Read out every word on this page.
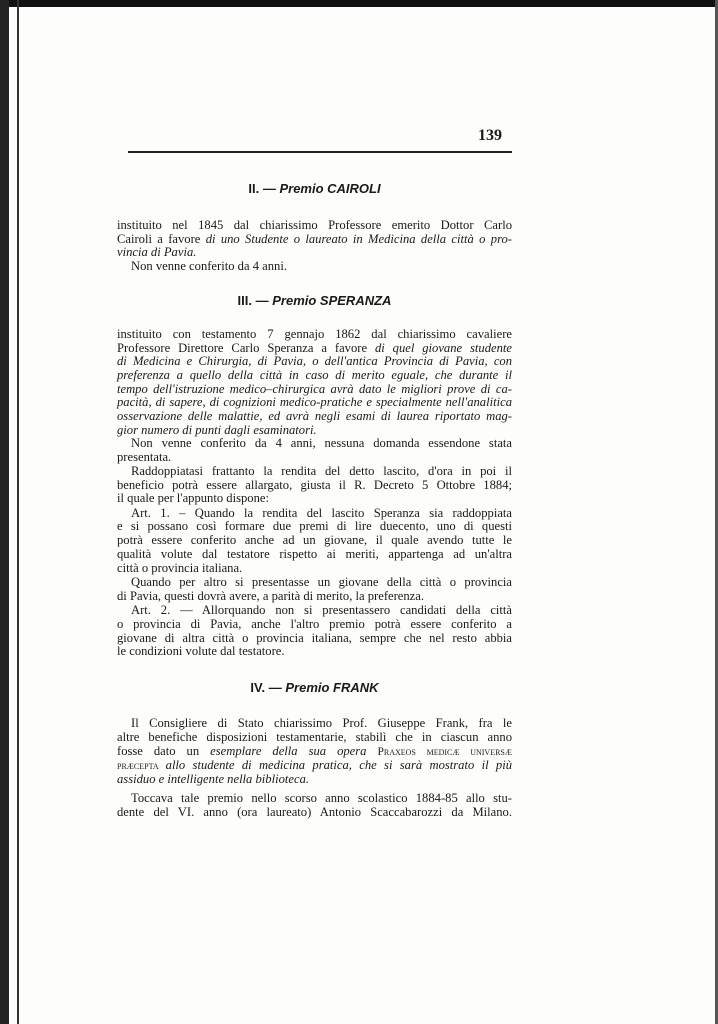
139
II. — Premio CAIROLI
instituito nel 1845 dal chiarissimo Professore emerito Dottor Carlo
Cairoli a favore di uno Studente o laureato in Medicina della città o pro-
vincia di Pavia.
Non venne conferito da 4 anni.
III. — Premio SPERANZA
instituito con testamento 7 gennajo 1862 dal chiarissimo cavaliere
Professore Direttore Carlo Speranza a favore di quel giovane studente
di Medicina e Chirurgia, di Pavia, o dell'antica Provincia di Pavia, con
preferenza a quello della città in caso di merito eguale, che durante il
tempo dell'istruzione medico–chirurgica avrà dato le migliori prove di ca-
pacità, di sapere, di cognizioni medico-pratiche e specialmente nell'analitica
osservazione delle malattie, ed avrà negli esami di laurea riportato mag-
gior numero di punti dagli esaminatori.
Non venne conferito da 4 anni, nessuna domanda essendone stata
presentata.
Raddoppiatasi frattanto la rendita del detto lascito, d'ora in poi il
beneficio potrà essere allargato, giusta il R. Decreto 5 Ottobre 1884;
il quale per l'appunto dispone:
Art. 1. – Quando la rendita del lascito Speranza sia raddoppiata
e si possano così formare due premi di lire duecento, uno di questi
potrà essere conferito anche ad un giovane, il quale avendo tutte le
qualità volute dal testatore rispetto ai meriti, appartenga ad un'altra
città o provincia italiana.
Quando per altro si presentasse un giovane della città o provincia
di Pavia, questi dovrà avere, a parità di merito, la preferenza.
Art. 2. — Allorquando non si presentassero candidati della città
o provincia di Pavia, anche l'altro premio potrà essere conferito a
giovane di altra città o provincia italiana, sempre che nel resto abbia
le condizioni volute dal testatore.
IV. — Premio FRANK
Il Consigliere di Stato chiarissimo Prof. Giuseppe Frank, fra le
altre benefiche disposizioni testamentarie, stabilì che in ciascun anno
fosse dato un esemplare della sua opera Praxeos medicæ universæ
præcepta allo studente di medicina pratica, che si sarà mostrato il più
assiduo e intelligente nella biblioteca.
Toccava tale premio nello scorso anno scolastico 1884-85 allo stu-
dente del VI. anno (ora laureato) Antonio Scaccabarozzi da Milano.
